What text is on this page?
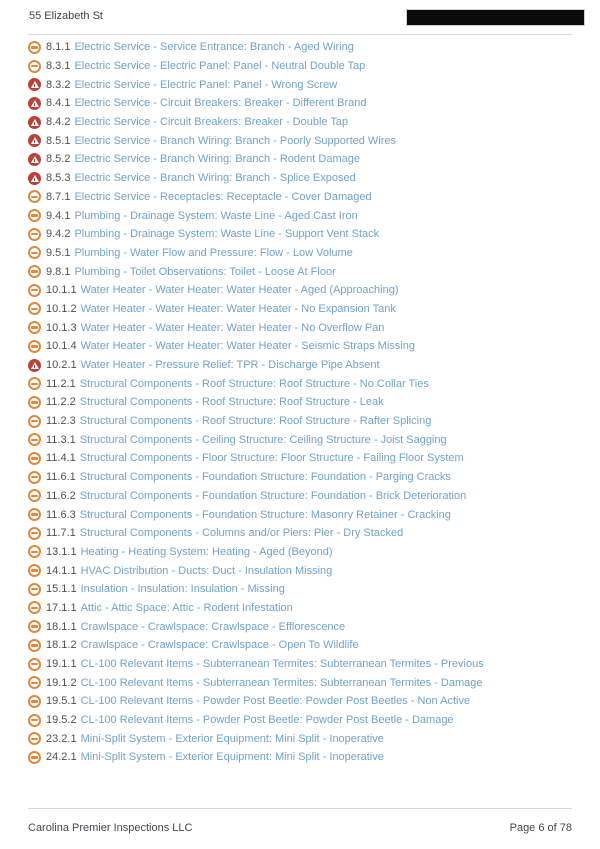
55 Elizabeth St
8.1.1 Electric Service - Service Entrance: Branch - Aged Wiring
8.3.1 Electric Service - Electric Panel: Panel - Neutral Double Tap
8.3.2 Electric Service - Electric Panel: Panel - Wrong Screw
8.4.1 Electric Service - Circuit Breakers: Breaker - Different Brand
8.4.2 Electric Service - Circuit Breakers: Breaker - Double Tap
8.5.1 Electric Service - Branch Wiring: Branch - Poorly Supported Wires
8.5.2 Electric Service - Branch Wiring: Branch - Rodent Damage
8.5.3 Electric Service - Branch Wiring: Branch - Splice Exposed
8.7.1 Electric Service - Receptacles: Receptacle - Cover Damaged
9.4.1 Plumbing - Drainage System: Waste Line - Aged Cast Iron
9.4.2 Plumbing - Drainage System: Waste Line - Support Vent Stack
9.5.1 Plumbing - Water Flow and Pressure: Flow - Low Volume
9.8.1 Plumbing - Toilet Observations: Toilet - Loose At Floor
10.1.1 Water Heater - Water Heater: Water Heater - Aged (Approaching)
10.1.2 Water Heater - Water Heater: Water Heater - No Expansion Tank
10.1.3 Water Heater - Water Heater: Water Heater - No Overflow Pan
10.1.4 Water Heater - Water Heater: Water Heater - Seismic Straps Missing
10.2.1 Water Heater - Pressure Relief: TPR - Discharge Pipe Absent
11.2.1 Structural Components - Roof Structure: Roof Structure - No Collar Ties
11.2.2 Structural Components - Roof Structure: Roof Structure - Leak
11.2.3 Structural Components - Roof Structure: Roof Structure - Rafter Splicing
11.3.1 Structural Components - Ceiling Structure: Ceiling Structure - Joist Sagging
11.4.1 Structural Components - Floor Structure: Floor Structure - Failing Floor System
11.6.1 Structural Components - Foundation Structure: Foundation - Parging Cracks
11.6.2 Structural Components - Foundation Structure: Foundation - Brick Deterioration
11.6.3 Structural Components - Foundation Structure: Masonry Retainer - Cracking
11.7.1 Structural Components - Columns and/or Piers: Pier - Dry Stacked
13.1.1 Heating - Heating System: Heating - Aged (Beyond)
14.1.1 HVAC Distribution - Ducts: Duct - Insulation Missing
15.1.1 Insulation - Insulation: Insulation - Missing
17.1.1 Attic - Attic Space: Attic - Rodent Infestation
18.1.1 Crawlspace - Crawlspace: Crawlspace - Efflorescence
18.1.2 Crawlspace - Crawlspace: Crawlspace - Open To Wildlife
19.1.1 CL-100 Relevant Items - Subterranean Termites: Subterranean Termites - Previous
19.1.2 CL-100 Relevant Items - Subterranean Termites: Subterranean Termites - Damage
19.5.1 CL-100 Relevant Items - Powder Post Beetle: Powder Post Beetles - Non Active
19.5.2 CL-100 Relevant Items - Powder Post Beetle: Powder Post Beetle - Damage
23.2.1 Mini-Split System - Exterior Equipment: Mini Split - Inoperative
24.2.1 Mini-Split System - Exterior Equipment: Mini Split - Inoperative
Carolina Premier Inspections LLC	Page 6 of 78
